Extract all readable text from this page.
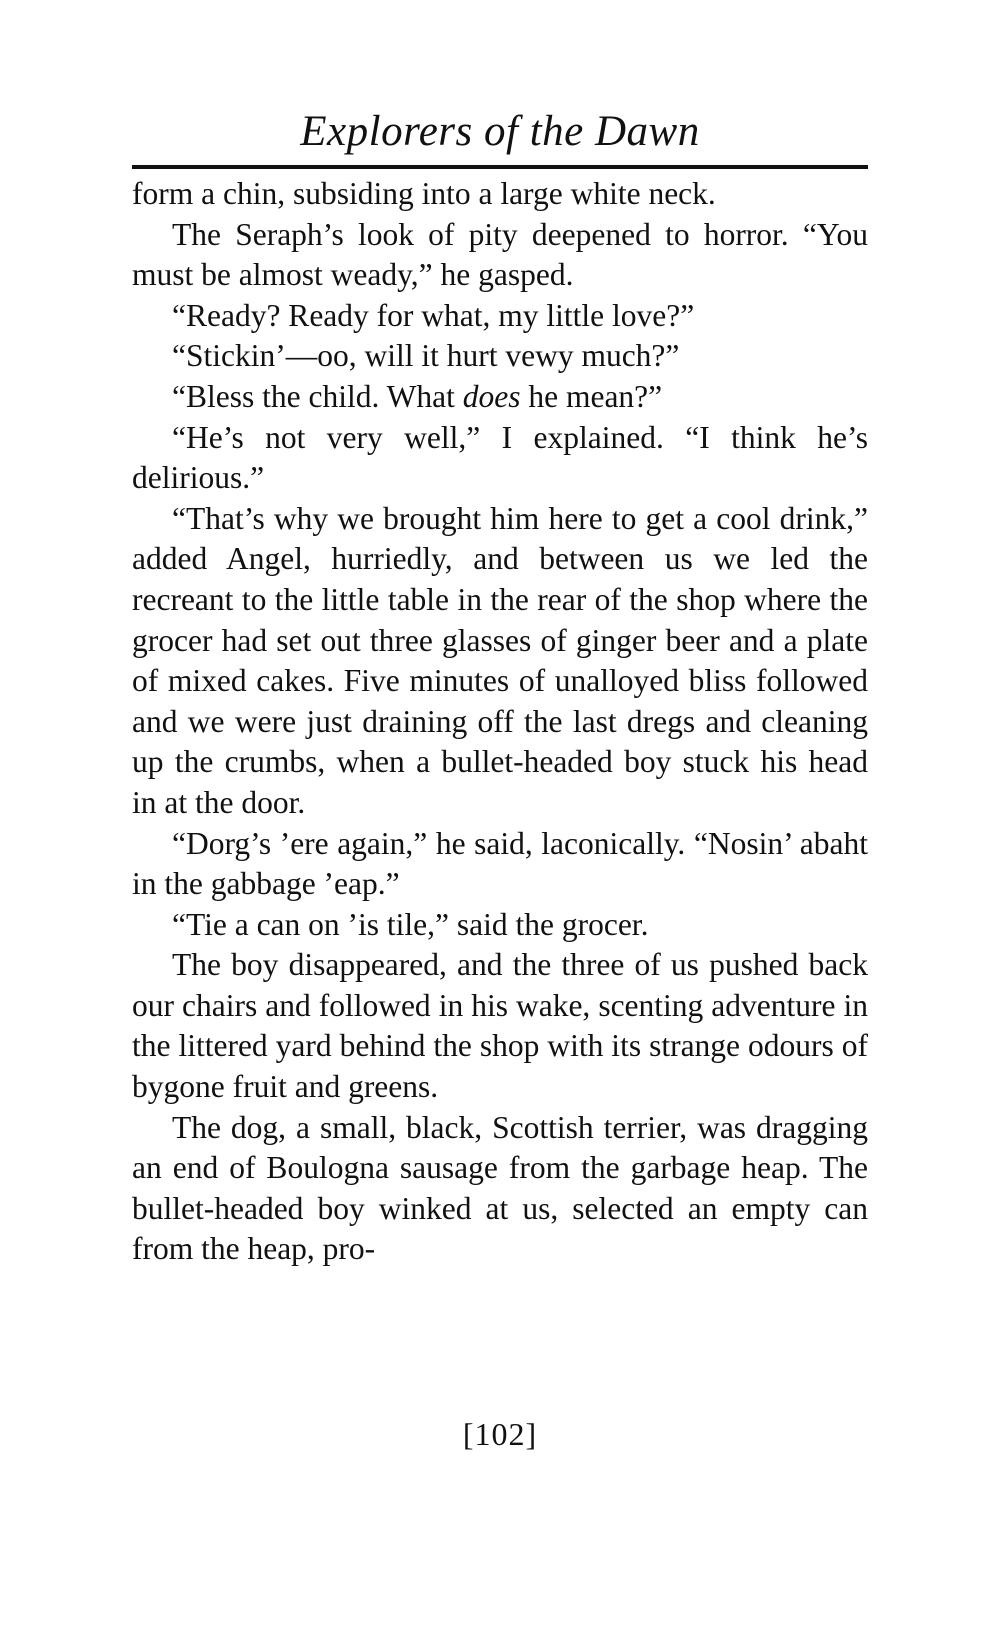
Explorers of the Dawn

form a chin, subsiding into a large white neck.

The Seraph’s look of pity deepened to horror. “You must be almost weady,” he gasped.

“Ready? Ready for what, my little love?”

“Stickin’—oo, will it hurt vewy much?”

“Bless the child. What does he mean?”

“He’s not very well,” I explained. “I think he’s delirious.”

“That’s why we brought him here to get a cool drink,” added Angel, hurriedly, and between us we led the recreant to the little table in the rear of the shop where the grocer had set out three glasses of ginger beer and a plate of mixed cakes. Five minutes of unalloyed bliss followed and we were just draining off the last dregs and cleaning up the crumbs, when a bullet-headed boy stuck his head in at the door.

“Dorg’s ’ere again,” he said, laconically. “Nosin’ abaht in the gabbage ’eap.”

“Tie a can on ’is tile,” said the grocer.

The boy disappeared, and the three of us pushed back our chairs and followed in his wake, scenting adventure in the littered yard behind the shop with its strange odours of bygone fruit and greens.

The dog, a small, black, Scottish terrier, was dragging an end of Boulogna sausage from the garbage heap. The bullet-headed boy winked at us, selected an empty can from the heap, pro-

[102]
